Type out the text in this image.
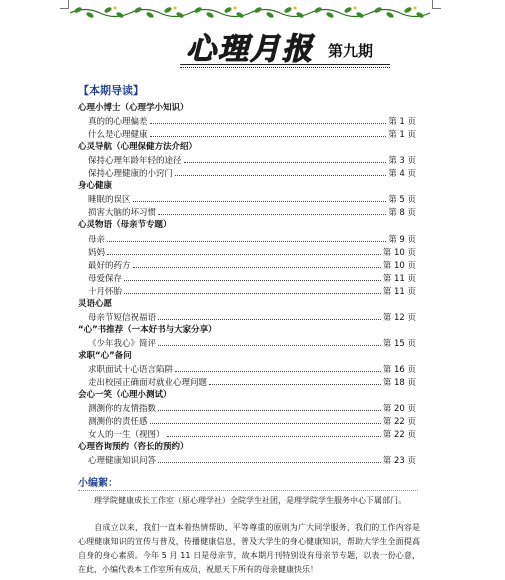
心理月报 第九期
【本期导读】
心理小博士（心理学小知识）
真的的心理偏差	第 1 页
什么是心理健康	第 1 页
心灵导航（心理保健方法介绍）
保持心理年龄年轻的途径	第 3 页
保持心理健康的小窍门	第 4 页
身心健康
睡眠的误区	第 5 页
损害大脑的坏习惯	第 8 页
心灵物语（母亲节专题）
母亲	第 9 页
妈妈	第 10 页
最好的药方	第 10 页
母爱保存	第 11 页
十月怀胎	第 11 页
灵语心愿
母亲节短信祝福语	第 12 页
“心”书推荐（一本好书与大家分享）
《少年我心》简评	第 15 页
求职“心”备问
求职面试十心语言陷阱	第 16 页
走出校园正确面对就业心理问题	第 18 页
会心一笑（心理小测试）
测测你的友情指数	第 20 页
测测你的责任感	第 22 页
女人的一生（视图）	第 22 页
心理咨询预约（咨长的预约）
心理健康知识问答	第 23 页
小编絮：
　　理学院健康成长工作室（原心理学社）全院学生社团，是理学院学生服务中心下属部门。
　　自成立以来，我们一直本着热情帮助、平等尊重的原则为广大同学服务，我们的工作内容是心理健康知识的宣传与普及，传播健康信息，普及大学生的身心健康知识，帮助大学生全面提高自身的身心素质。今年 5 月 11 日是母亲节，故本期月刊特别设有母亲节专题，以表一份心意，在此，小编代表本工作室所有成员，祝愿天下所有的母亲健康快乐！
